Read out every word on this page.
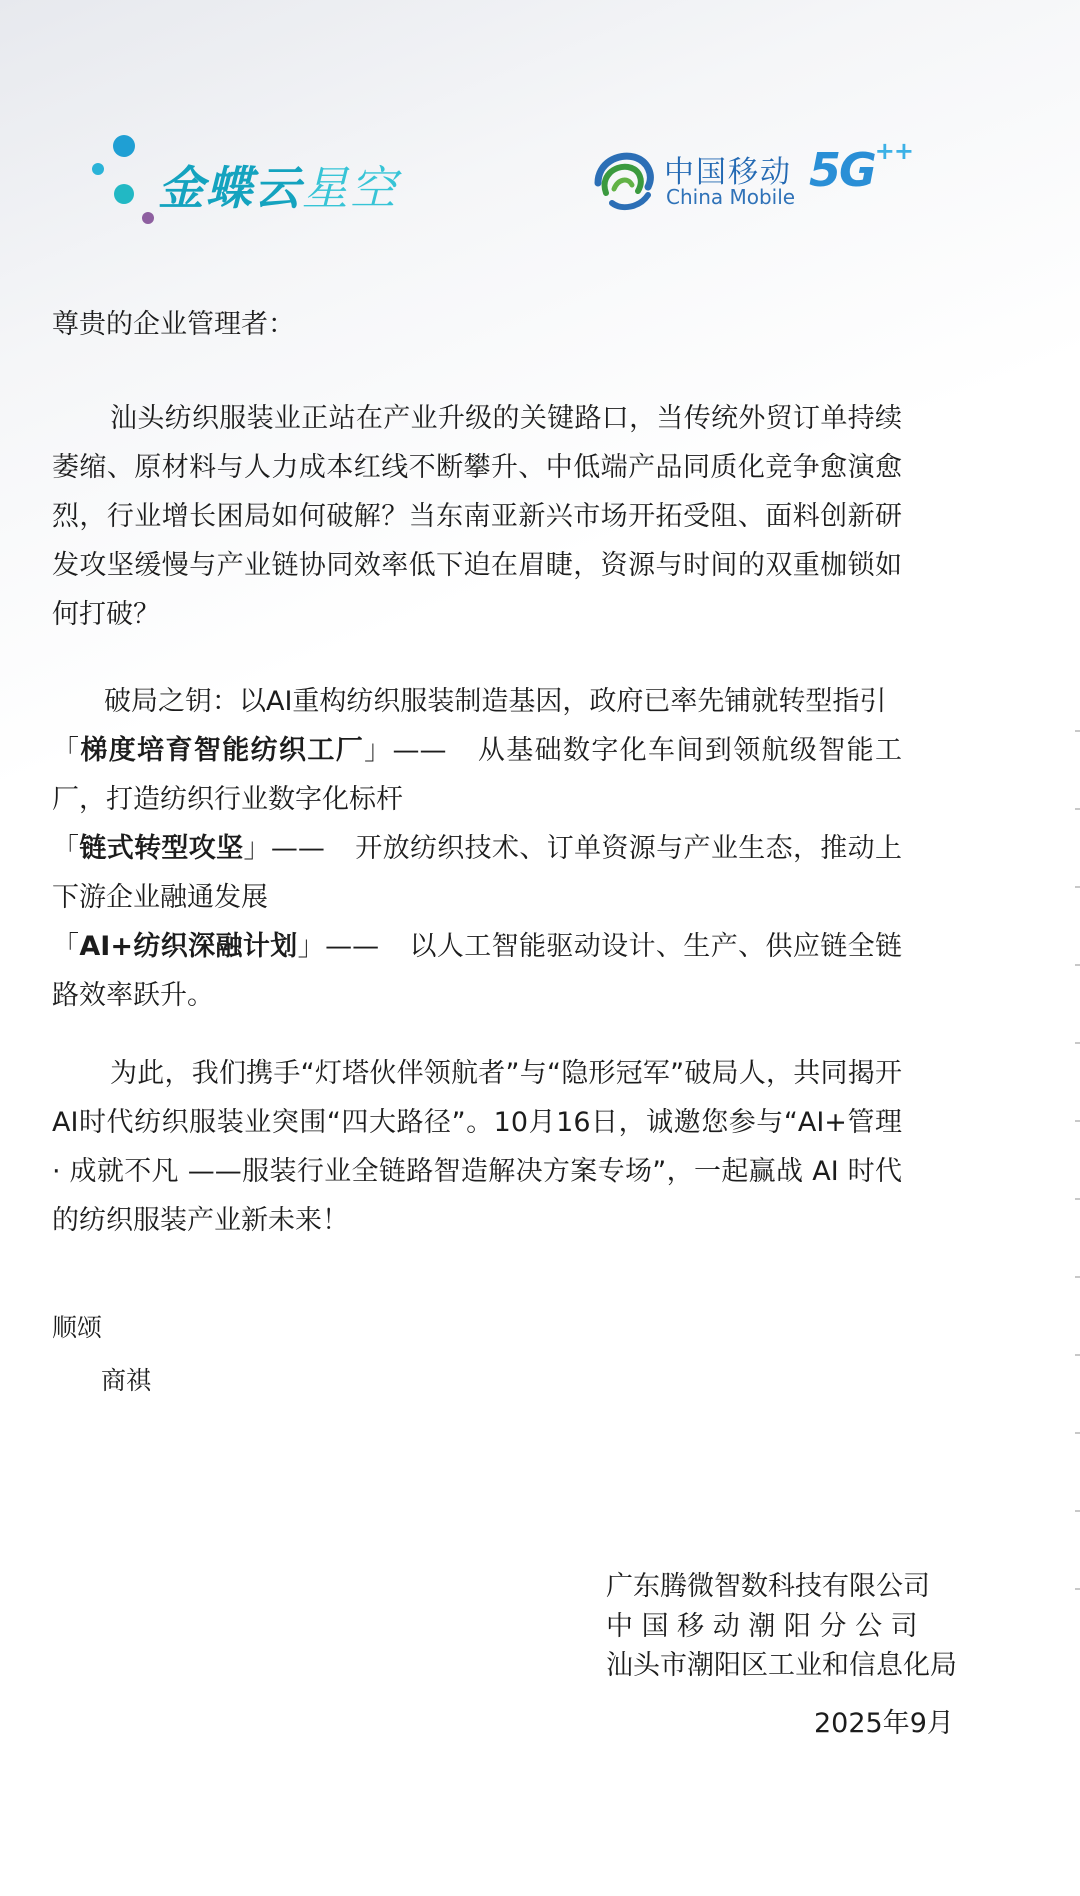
金蝶云星空	中国移动
China Mobile 5G++
尊贵的企业管理者：
汕头纺织服装业正站在产业升级的关键路口，当传统外贸订单持续萎缩、原材料与人力成本红线不断攀升、中低端产品同质化竞争愈演愈烈，行业增长困局如何破解？当东南亚新兴市场开拓受阻、面料创新研发攻坚缓慢与产业链协同效率低下迫在眉睫，资源与时间的双重枷锁如何打破？
破局之钥：以AI重构纺织服装制造基因，政府已率先铺就转型指引
「梯度培育智能纺织工厂」—— 从基础数字化车间到领航级智能工厂，打造纺织行业数字化标杆
「链式转型攻坚」—— 开放纺织技术、订单资源与产业生态，推动上下游企业融通发展
「AI+纺织深融计划」—— 以人工智能驱动设计、生产、供应链全链路效率跃升。
为此，我们携手“灯塔伙伴领航者”与“隐形冠军”破局人，共同揭开AI时代纺织服装业突围“四大路径”。10月16日，诚邀您参与“AI+管理 · 成就不凡 ——服装行业全链路智造解决方案专场”，一起赢战 AI 时代的纺织服装产业新未来！
顺颂
商祺
广东腾微智数科技有限公司
中 国 移 动 潮 阳 分 公 司
汕头市潮阳区工业和信息化局
2025年9月
